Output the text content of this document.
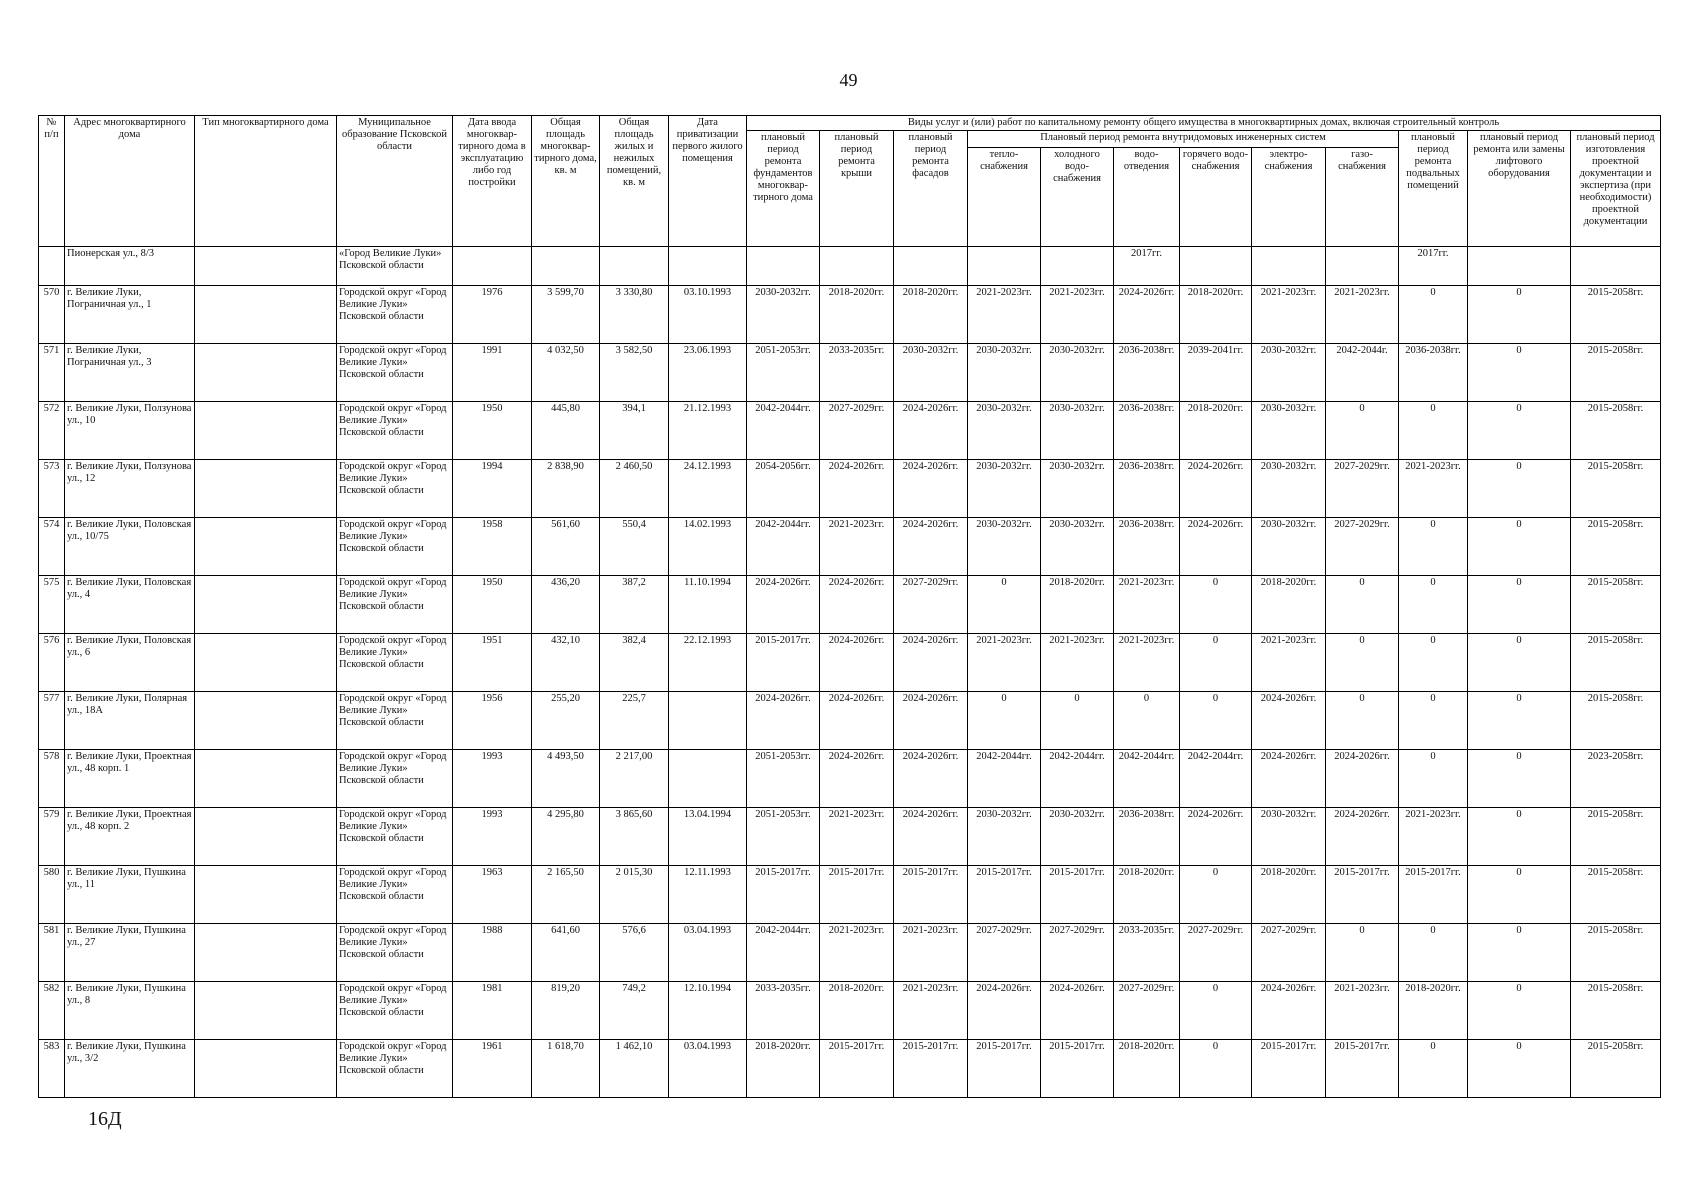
49
№ п/п	Адрес многоквартирного дома	Тип многоквартирного дома	Муниципальное образование Псковской области	Дата ввода многоквар-тирного дома в эксплуатацию либо год постройки	Общая площадь многоквар-тирного дома, кв. м	Общая площадь жилых и нежилых помещений, кв. м	Дата приватизации первого жилого помещения	Виды услуг и (или) работ по капитальному ремонту общего имущества в многоквартирных домах, включая строительный контроль											
								плановый период ремонта фундаментов многоквар-тирного дома	плановый период ремонта крыши	плановый период ремонта фасадов	Плановый период ремонта внутридомовых инженерных систем						плановый период ремонта подвальных помещений	плановый период ремонта или замены лифтового оборудования	плановый период изготовления проектной документации и экспертиза (при необходимости) проектной документации
											тепло-снабжения	холодного водо-снабжения	водо-отведения	горячего водо-снабжения	электро-снабжения	газо-снабжения			
	Пионерская ул., 8/3		«Город Великие Луки» Псковской области										2017гг.				2017гг.		
570	г. Великие Луки, Пограничная ул., 1		Городской округ «Город Великие Луки» Псковской области	1976	3 599,70	3 330,80	03.10.1993	2030-2032гг.	2018-2020гг.	2018-2020гг.	2021-2023гг.	2021-2023гг.	2024-2026гг.	2018-2020гг.	2021-2023гг.	2021-2023гг.	0	0	2015-2058гг.
571	г. Великие Луки, Пограничная ул., 3		Городской округ «Город Великие Луки» Псковской области	1991	4 032,50	3 582,50	23.06.1993	2051-2053гг.	2033-2035гг.	2030-2032гг.	2030-2032гг.	2030-2032гг.	2036-2038гг.	2039-2041гг.	2030-2032гг.	2042-2044г.	2036-2038гг.	0	2015-2058гг.
572	г. Великие Луки, Ползунова ул., 10		Городской округ «Город Великие Луки» Псковской области	1950	445,80	394,1	21.12.1993	2042-2044гг.	2027-2029гг.	2024-2026гг.	2030-2032гг.	2030-2032гг.	2036-2038гг.	2018-2020гг.	2030-2032гг.	0	0	0	2015-2058гг.
573	г. Великие Луки, Ползунова ул., 12		Городской округ «Город Великие Луки» Псковской области	1994	2 838,90	2 460,50	24.12.1993	2054-2056гг.	2024-2026гг.	2024-2026гг.	2030-2032гг.	2030-2032гг.	2036-2038гг.	2024-2026гг.	2030-2032гг.	2027-2029гг.	2021-2023гг.	0	2015-2058гг.
574	г. Великие Луки, Половская ул., 10/75		Городской округ «Город Великие Луки» Псковской области	1958	561,60	550,4	14.02.1993	2042-2044гг.	2021-2023гг.	2024-2026гг.	2030-2032гг.	2030-2032гг.	2036-2038гг.	2024-2026гг.	2030-2032гг.	2027-2029гг.	0	0	2015-2058гг.
575	г. Великие Луки, Половская ул., 4		Городской округ «Город Великие Луки» Псковской области	1950	436,20	387,2	11.10.1994	2024-2026гг.	2024-2026гг.	2027-2029гг.	0	2018-2020гг.	2021-2023гг.	0	2018-2020гг.	0	0	0	2015-2058гг.
576	г. Великие Луки, Половская ул., 6		Городской округ «Город Великие Луки» Псковской области	1951	432,10	382,4	22.12.1993	2015-2017гг.	2024-2026гг.	2024-2026гг.	2021-2023гг.	2021-2023гг.	2021-2023гг.	0	2021-2023гг.	0	0	0	2015-2058гг.
577	г. Великие Луки, Полярная ул., 18А		Городской округ «Город Великие Луки» Псковской области	1956	255,20	225,7		2024-2026гг.	2024-2026гг.	2024-2026гг.	0	0	0	0	2024-2026гг.	0	0	0	2015-2058гг.
578	г. Великие Луки, Проектная ул., 48 корп. 1		Городской округ «Город Великие Луки» Псковской области	1993	4 493,50	2 217,00		2051-2053гг.	2024-2026гг.	2024-2026гг.	2042-2044гг.	2042-2044гг.	2042-2044гг.	2042-2044гг.	2024-2026гг.	2024-2026гг.	0	0	2023-2058гг.
579	г. Великие Луки, Проектная ул., 48 корп. 2		Городской округ «Город Великие Луки» Псковской области	1993	4 295,80	3 865,60	13.04.1994	2051-2053гг.	2021-2023гг.	2024-2026гг.	2030-2032гг.	2030-2032гг.	2036-2038гг.	2024-2026гг.	2030-2032гг.	2024-2026гг.	2021-2023гг.	0	2015-2058гг.
580	г. Великие Луки, Пушкина ул., 11		Городской округ «Город Великие Луки» Псковской области	1963	2 165,50	2 015,30	12.11.1993	2015-2017гг.	2015-2017гг.	2015-2017гг.	2015-2017гг.	2015-2017гг.	2018-2020гг.	0	2018-2020гг.	2015-2017гг.	2015-2017гг.	0	2015-2058гг.
581	г. Великие Луки, Пушкина ул., 27		Городской округ «Город Великие Луки» Псковской области	1988	641,60	576,6	03.04.1993	2042-2044гг.	2021-2023гг.	2021-2023гг.	2027-2029гг.	2027-2029гг.	2033-2035гг.	2027-2029гг.	2027-2029гг.	0	0	0	2015-2058гг.
582	г. Великие Луки, Пушкина ул., 8		Городской округ «Город Великие Луки» Псковской области	1981	819,20	749,2	12.10.1994	2033-2035гг.	2018-2020гг.	2021-2023гг.	2024-2026гг.	2024-2026гг.	2027-2029гг.	0	2024-2026гг.	2021-2023гг.	2018-2020гг.	0	2015-2058гг.
583	г. Великие Луки, Пушкина ул., 3/2		Городской округ «Город Великие Луки» Псковской области	1961	1 618,70	1 462,10	03.04.1993	2018-2020гг.	2015-2017гг.	2015-2017гг.	2015-2017гг.	2015-2017гг.	2018-2020гг.	0	2015-2017гг.	2015-2017гг.	0	0	2015-2058гг.
16Д
